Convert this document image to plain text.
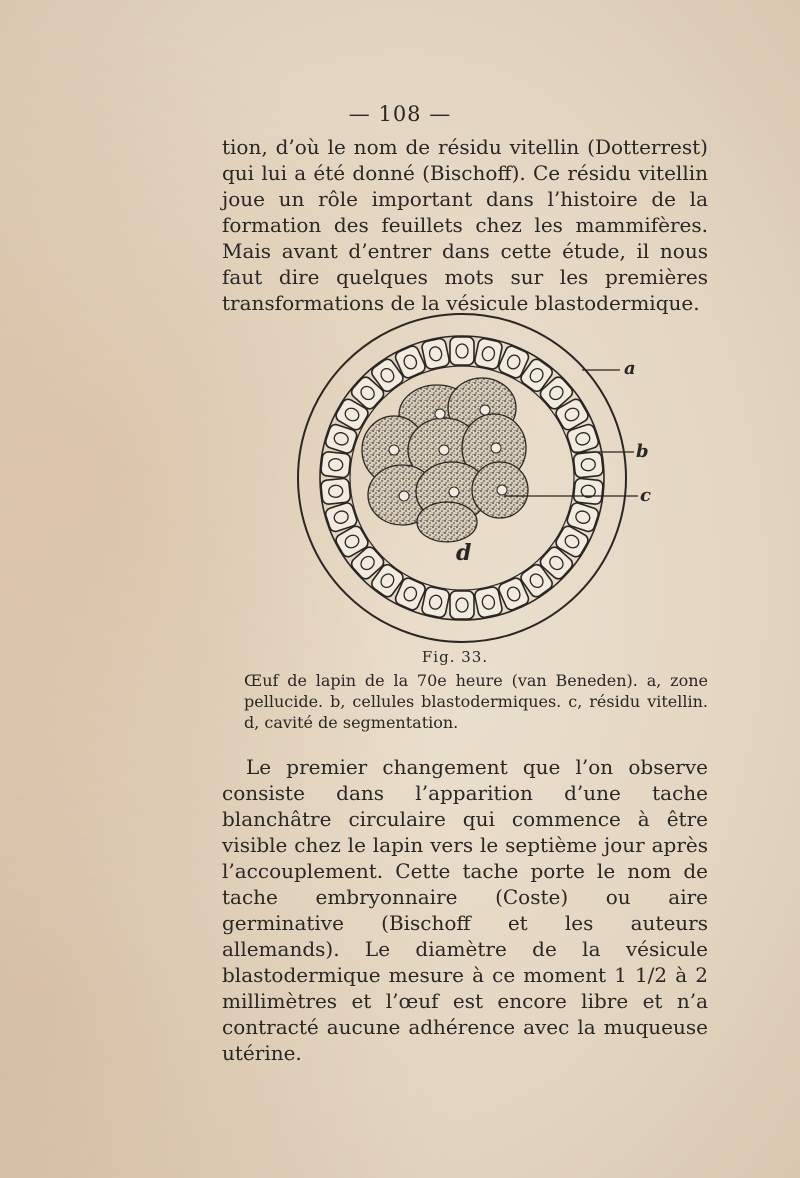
— 108 —

tion, d’où le nom de résidu vitellin (Dotterrest) qui lui a été donné (Bischoff). Ce résidu vitellin joue un rôle important dans l’histoire de la formation des feuillets chez les mammifères. Mais avant d’entrer dans cette étude, il nous faut dire quelques mots sur les premières transformations de la vésicule blastodermique.

a
b
c
d
Fig. 33.

Œuf de lapin de la 70e heure (van Beneden). a, zone pellucide. b, cellules blastodermiques. c, résidu vitellin. d, cavité de segmentation.

Le premier changement que l’on observe consiste dans l’apparition d’une tache blanchâtre circulaire qui commence à être visible chez le lapin vers le septième jour après l’accouplement. Cette tache porte le nom de tache embryonnaire (Coste) ou aire germinative (Bischoff et les auteurs allemands). Le diamètre de la vésicule blastodermique mesure à ce moment 1 1/2 à 2 millimètres et l’œuf est encore libre et n’a contracté aucune adhérence avec la muqueuse utérine.
